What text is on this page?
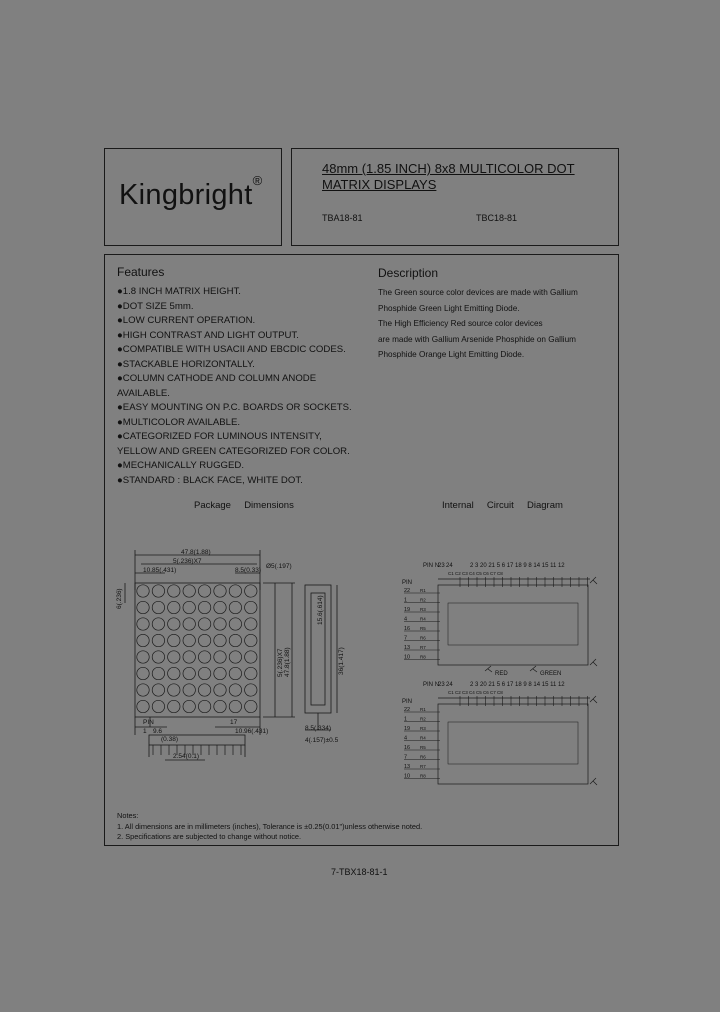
Kingbright®
48mm (1.85 INCH) 8x8 MULTICOLOR DOT
MATRIX DISPLAYS
TBA18-81	TBC18-81
Features
●1.8 INCH MATRIX HEIGHT.
●DOT SIZE 5mm.
●LOW CURRENT OPERATION.
●HIGH CONTRAST AND LIGHT OUTPUT.
●COMPATIBLE WITH USACII AND EBCDIC CODES.
●STACKABLE HORIZONTALLY.
●COLUMN CATHODE AND COLUMN ANODE
AVAILABLE.
●EASY MOUNTING ON P.C. BOARDS OR SOCKETS.
●MULTICOLOR AVAILABLE.
●CATEGORIZED FOR LUMINOUS INTENSITY,
YELLOW AND GREEN CATEGORIZED FOR COLOR.
●MECHANICALLY RUGGED.
●STANDARD : BLACK FACE, WHITE DOT.
Description
The Green source color devices are made with Gallium
Phosphide Green Light Emitting Diode.
The High Efficiency Red source color devices
are made with Gallium Arsenide Phosphide on Gallium
Phosphide Orange Light Emitting Diode.
Package Dimensions	Internal Circuit Diagram
47.8(1.88)
5(.236)X7
10.85(.431)	8.5(0.33)
Ø5(.197)
6(.236)
5(.236)X7 47.8(1.88)
15.6(.614)
36(1.417)
8.5(.334)
4(.157)±0.5
PIN
1 9.6
(0.38)
17
10.96(.431)
2.54(0.1)
PIN N
23 24	2 3 20 21 5 6 17 18 9 8 14 15 11 12
PIN
PIN N
23 24	2 3 20 21 5 6 17 18 9 8 14 15 11 12
PIN
RED	GREEN
C1 C2 C3 C4 C5 C6 C7 C8
C1 C2 C3 C4 C5 C6 C7 C8
22 R1
1	R2
19 R3
4	R4
16 R5
7	R6
13 R7
10 R8
22 R1
1	R2
19 R3
4	R4
16 R5
7	R6
13 R7
10 R8
Notes:
1. All dimensions are in millimeters (inches), Tolerance is ±0.25(0.01")unless otherwise noted.
2. Specifications are subjected to change without notice.
7-TBX18-81-1
